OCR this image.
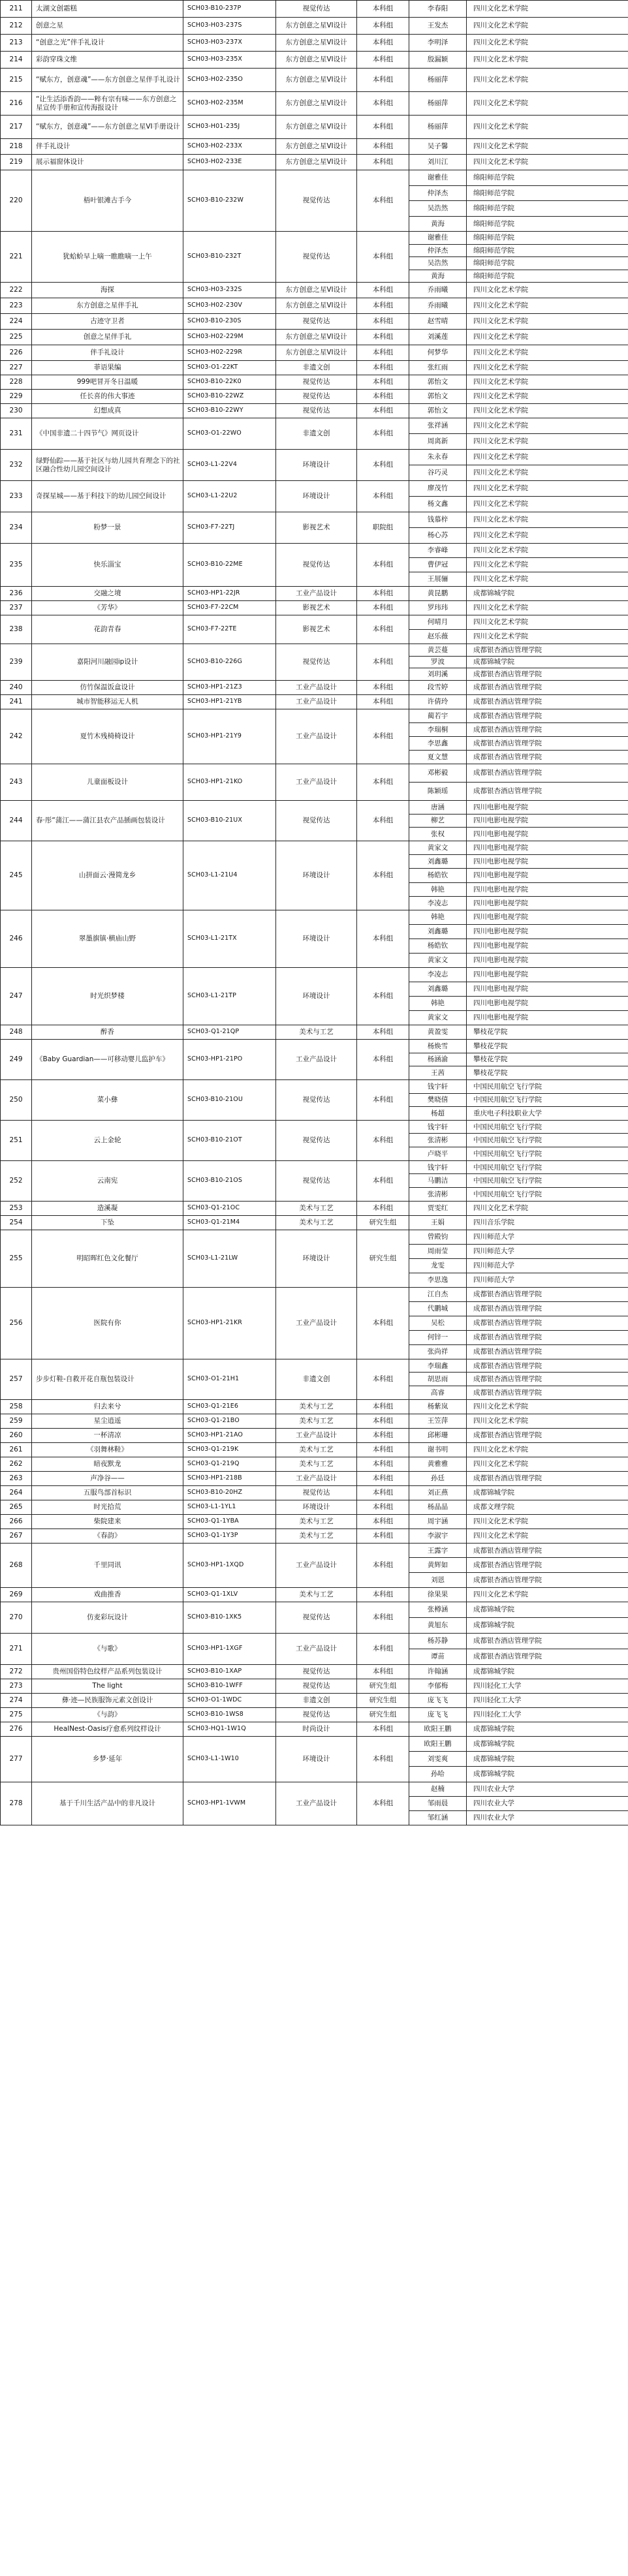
211	太湖文创霜糕	SCH03-B10-237P	视觉传达	本科组	李春阳	四川文化艺术学院
212	创意之星	SCH03-H03-237S	东方创意之星VI设计	本科组	王发杰	四川文化艺术学院
213	“创意之光”伴手礼设计	SCH03-H03-237X	东方创意之星VI设计	本科组	李明泽	四川文化艺术学院
214	彩韵穿珠文维	SCH03-H03-235X	东方创意之星VI设计	本科组	殷漏颖	四川文化艺术学院
215	“赋东方，创意魂”——东方创意之星伴手礼设计	SCH03-H02-235O	东方创意之星VI设计	本科组	杨丽萍	四川文化艺术学院
216	“让生活添香韵——粹有宗有味——东方创意之星宣传手册和宣传海报设计	SCH03-H02-235M	东方创意之星VI设计	本科组	杨丽萍	四川文化艺术学院
217	“赋东方，创意魂”——东方创意之星VI手册设计	SCH03-H01-235J	东方创意之星VI设计	本科组	杨丽萍	四川文化艺术学院
218	伴手礼设计	SCH03-H02-233X	东方创意之星VI设计	本科组	吴子馨	四川文化艺术学院
219	展示福窗体设计	SCH03-H02-233E	东方创意之星VI设计	本科组	刘川江	四川文化艺术学院
220	梧叶银滩古手今	SCH03-B10-232W	视觉传达	本科组	谢雅佳	绵阳师范学院
					仲泽杰	绵阳师范学院
					吴浩然	绵阳师范学院
					黄海	绵阳师范学院
221	犹蛤蚧早上嘀一瞧瞧嘀一上午	SCH03-B10-232T	视觉传达	本科组	谢雅佳	绵阳师范学院
					仲泽杰	绵阳师范学院
					吴浩然	绵阳师范学院
					黄海	绵阳师范学院
222	海探	SCH03-H03-232S	东方创意之星VI设计	本科组	乔雨曦	四川文化艺术学院
223	东方创意之星伴手礼	SCH03-H02-230V	东方创意之星VI设计	本科组	乔雨曦	四川文化艺术学院
224	古迹守卫者	SCH03-B10-230S	视觉传达	本科组	赵雪晴	四川文化艺术学院
225	创意之星伴手礼	SCH03-H02-229M	东方创意之星VI设计	本科组	刘溪莲	四川文化艺术学院
226	伴手礼设计	SCH03-H02-229R	东方创意之星VI设计	本科组	何梦华	四川文化艺术学院
227	菲语果编	SCH03-O1-22KT	非遗文创	本科组	张红雨	四川文化艺术学院
228	999吧冒开冬日温暖	SCH03-B10-22K0	视觉传达	本科组	郭怡文	四川文化艺术学院
229	任长喜的伟大事迹	SCH03-B10-22WZ	视觉传达	本科组	郭怡文	四川文化艺术学院
230	幻想成真	SCH03-B10-22WY	视觉传达	本科组	郭怡文	四川文化艺术学院
231	《中国非遗二十四节气》网页设计	SCH03-O1-22WO	非遗文创	本科组	张祥涵	四川文化艺术学院
					周离新	四川文化艺术学院
232	绿野仙踪——基于社区与幼儿园共育理念下的社区融合性幼儿园空间设计	SCH03-L1-22V4	环境设计	本科组	朱永春	四川文化艺术学院
					谷巧灵	四川文化艺术学院
233	奇探星城——基于科技下的幼儿园空间设计	SCH03-L1-22U2	环境设计	本科组	廖茂竹	四川文化艺术学院
					杨文鑫	四川文化艺术学院
234	粉梦一景	SCH03-F7-22TJ	影视艺术	职院组	钱慕梓	四川文化艺术学院
					杨心苏	四川文化艺术学院
235	快乐淄宝	SCH03-B10-22ME	视觉传达	本科组	李睿峰	四川文化艺术学院
					曹伊冠	四川文化艺术学院
					王展骊	四川文化艺术学院
236	交融之境	SCH03-HP1-22JR	工业产品设计	本科组	黄昆鹏	成都锦城学院
237	《芳华》	SCH03-F7-22CM	影视艺术	本科组	罗玮玮	四川文化艺术学院
238	花韵青春	SCH03-F7-22TE	影视艺术	本科组	何晴月	四川文化艺术学院
					赵乐薇	四川文化艺术学院
239	嘉阳河川融园ip设计	SCH03-B10-226G	视觉传达	本科组	黄芸蔓	成都银杏酒店管理学院
					罗波	成都锦城学院
					刘玥溪	成都银杏酒店管理学院
240	仿竹保温饭盒设计	SCH03-HP1-21Z3	工业产品设计	本科组	段雪婷	成都银杏酒店管理学院
241	城市智能移运无人机	SCH03-HP1-21YB	工业产品设计	本科组	许倩玲	成都银杏酒店管理学院
242	夏竹木残椅椅设计	SCH03-HP1-21Y9	工业产品设计	本科组	蔺若宇	成都银杏酒店管理学院
					李瑞桐	成都银杏酒店管理学院
					李思鑫	成都银杏酒店管理学院
					夏文慧	成都银杏酒店管理学院
243	儿童面板设计	SCH03-HP1-21KO	工业产品设计	本科组	邓彬毅	成都银杏酒店管理学院
					陈颖瑶	成都银杏酒店管理学院
244	春·彤“蒲江——蒲江县农产品插画包装设计	SCH03-B10-21UX	视觉传达	本科组	唐涵	四川电影电视学院
					柳艺	四川电影电视学院
					张权	四川电影电视学院
245	山拼面云·漫简龙乡	SCH03-L1-21U4	环境设计	本科组	黄家文	四川电影电视学院
					刘鑫璐	四川电影电视学院
					杨皓钦	四川电影电视学院
					韩艳	四川电影电视学院
					李凌志	四川电影电视学院
246	翠墨旗镇·横庙山野	SCH03-L1-21TX	环境设计	本科组	韩艳	四川电影电视学院
					刘鑫璐	四川电影电视学院
					杨皓钦	四川电影电视学院
					黄家文	四川电影电视学院
247	时光织梦楼	SCH03-L1-21TP	环境设计	本科组	李凌志	四川电影电视学院
					刘鑫璐	四川电影电视学院
					韩艳	四川电影电视学院
					黄家文	四川电影电视学院
248	醉香	SCH03-Q1-21QP	美术与工艺	本科组	黄盈雯	攀枝花学院
249	《Baby Guardian——可移动婴儿监护车》	SCH03-HP1-21PO	工业产品设计	本科组	杨焕雪	攀枝花学院
					杨涵渝	攀枝花学院
					王茜	攀枝花学院
250	菜小彝	SCH03-B10-21OU	视觉传达	本科组	钱宇轩	中国民用航空飞行学院
					樊晓僖	中国民用航空飞行学院
					杨超	重庆电子科技职业大学
251	云上金轮	SCH03-B10-21OT	视觉传达	本科组	钱宇轩	中国民用航空飞行学院
					张清彬	中国民用航空飞行学院
					卢晓平	中国民用航空飞行学院
252	云南宪	SCH03-B10-21OS	视觉传达	本科组	钱宇轩	中国民用航空飞行学院
					马鹏洁	中国民用航空飞行学院
					张清彬	中国民用航空飞行学院
253	造溪凝	SCH03-Q1-21OC	美术与工艺	本科组	贾雯红	四川文化艺术学院
254	下坠	SCH03-Q1-21M4	美术与工艺	研究生组	王娟	四川音乐学院
255	明昭晖红色文化餐厅	SCH03-L1-21LW	环境设计	研究生组	曾殿钧	四川师范大学
					周雨莹	四川师范大学
					龙雯	四川师范大学
					李思逸	四川师范大学
256	医院有你	SCH03-HP1-21KR	工业产品设计	本科组	江自杰	成都银杏酒店管理学院
					代鹏城	成都银杏酒店管理学院
					吴松	成都银杏酒店管理学院
					何锌一	成都银杏酒店管理学院
					张尚祥	成都银杏酒店管理学院
257	步步灯鞋-自救开花自瓶包装设计	SCH03-O1-21H1	非遗文创	本科组	李瑞鑫	成都银杏酒店管理学院
					胡思雨	成都银杏酒店管理学院
					高睿	成都银杏酒店管理学院
258	归去来兮	SCH03-Q1-21E6	美术与工艺	本科组	杨紫岚	四川文化艺术学院
259	星尘逍遥	SCH03-Q1-21BO	美术与工艺	本科组	王笠萍	四川文化艺术学院
260	一杯清凉	SCH03-HP1-21AO	工业产品设计	本科组	邱彬珊	成都银杏酒店管理学院
261	《羽舞林鞋》	SCH03-Q1-219K	美术与工艺	本科组	谢书明	四川文化艺术学院
262	暗夜默龙	SCH03-Q1-219Q	美术与工艺	本科组	黄雅雅	四川文化艺术学院
263	声净谷——	SCH03-HP1-218B	工业产品设计	本科组	孙廷	成都银杏酒店管理学院
264	五服鸟部首标识	SCH03-B10-20HZ	视觉传达	本科组	刘正燕	成都锦城学院
265	时光拾荒	SCH03-L1-1YL1	环境设计	本科组	杨晶晶	成都文理学院
266	柴院建来	SCH03-Q1-1YBA	美术与工艺	本科组	周宇涵	四川文化艺术学院
267	《春韵》	SCH03-Q1-1Y3P	美术与工艺	本科组	李淑宇	四川文化艺术学院
268	千里同讯	SCH03-HP1-1XQD	工业产品设计	本科组	王露字	成都银杏酒店管理学院
					黄辉如	成都银杏酒店管理学院
					刘恩	成都银杏酒店管理学院
269	戏曲推香	SCH03-Q1-1XLV	美术与工艺	本科组	徐果果	四川文化艺术学院
270	仿麦彩玩设计	SCH03-B10-1XK5	视觉传达	本科组	张樽涵	成都锦城学院
					黄旭东	成都锦城学院
271	《与歌》	SCH03-HP1-1XGF	工业产品设计	本科组	杨苏静	成都银杏酒店管理学院
					谭苗	成都银杏酒店管理学院
272	贵州国俗特色纹样产品系列包装设计	SCH03-B10-1XAP	视觉传达	本科组	许翰涵	成都锦城学院
273	The light	SCH03-B10-1WFF	视觉传达	研究生组	李郁梅	四川轻化工大学
274	彝·迹—民族服饰元素文创设计	SCH03-O1-1WDC	非遗文创	研究生组	庞飞飞	四川轻化工大学
275	《与韵》	SCH03-B10-1WS8	视觉传达	研究生组	庞飞飞	四川轻化工大学
276	HealNest-Oasis疗愈系列纹样设计	SCH03-HQ1-1W1Q	时尚设计	本科组	欧阳王鹏	成都锦城学院
277	乡梦·延年	SCH03-L1-1W10	环境设计	本科组	欧阳王鹏	成都锦城学院
					刘雯爽	成都锦城学院
					孙哈	成都锦城学院
278	基于千川生活产品中的非凡设计	SCH03-HP1-1VWM	工业产品设计	本科组	赵楠	四川农业大学
					邹雨晨	四川农业大学
					邹红涵	四川农业大学
